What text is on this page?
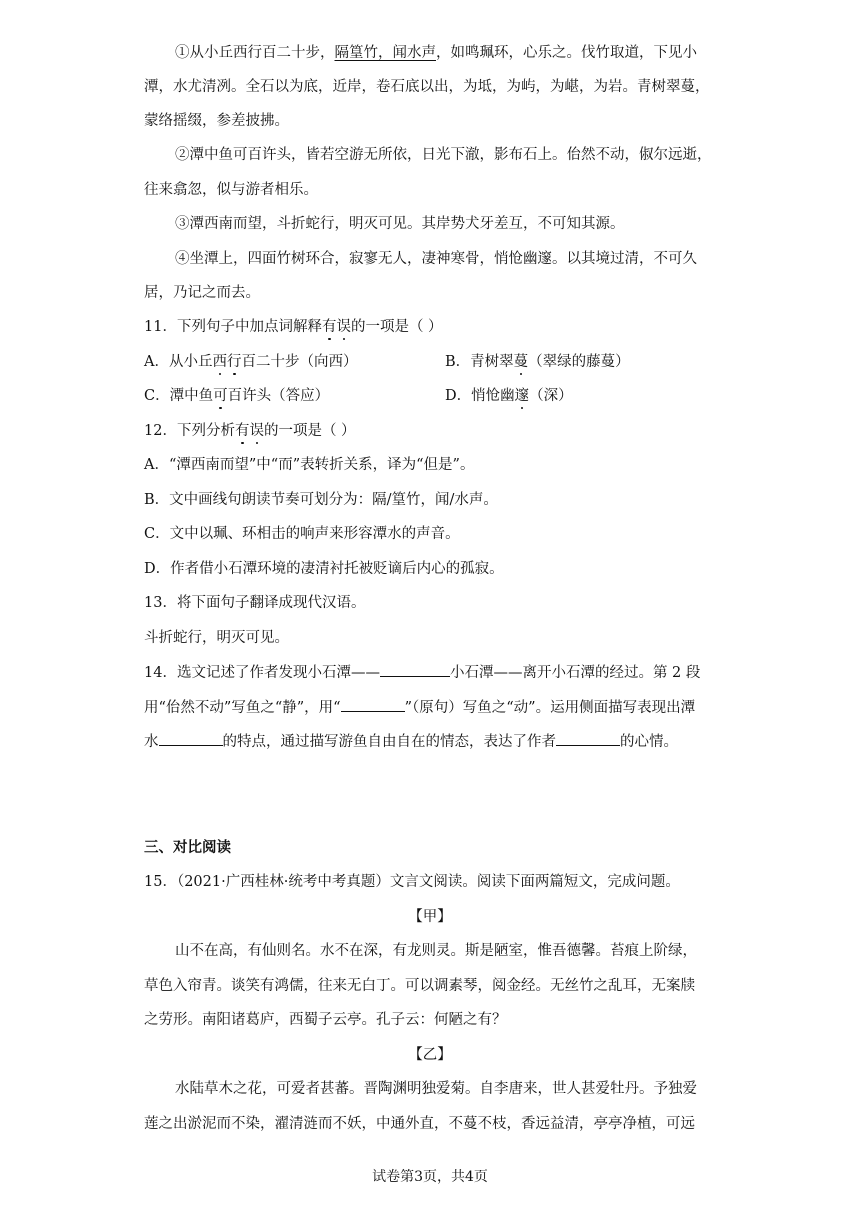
①从小丘西行百二十步，隔篁竹，闻水声，如鸣珮环，心乐之。伐竹取道，下见小
潭，水尤清冽。全石以为底，近岸，卷石底以出，为坻，为屿，为嵁，为岩。青树翠蔓，
蒙络摇缀，参差披拂。
②潭中鱼可百许头，皆若空游无所依，日光下澈，影布石上。佁然不动，俶尔远逝，
往来翕忽，似与游者相乐。
③潭西南而望，斗折蛇行，明灭可见。其岸势犬牙差互，不可知其源。
④坐潭上，四面竹树环合，寂寥无人，凄神寒骨，悄怆幽邃。以其境过清，不可久
居，乃记之而去。
11．下列句子中加点词解释有误的一项是（ ）
A．从小丘西行百二十步（向西）	B．青树翠蔓（翠绿的藤蔓）
C．潭中鱼可百许头（答应）	D．悄怆幽邃（深）
12．下列分析有误的一项是（ ）
A．“潭西南而望”中“而”表转折关系，译为“但是”。
B．文中画线句朗读节奏可划分为：隔/篁竹，闻/水声。
C．文中以珮、环相击的响声来形容潭水的声音。
D．作者借小石潭环境的凄清衬托被贬谪后内心的孤寂。
13．将下面句子翻译成现代汉语。
斗折蛇行，明灭可见。
14．选文记述了作者发现小石潭——	小石潭——离开小石潭的经过。第 2 段
用“佁然不动”写鱼之“静”，用“	”（原句）写鱼之“动”。运用侧面描写表现出潭
水	的特点，通过描写游鱼自由自在的情态，表达了作者	的心情。
三、对比阅读
15．（2021·广西桂林·统考中考真题）文言文阅读。阅读下面两篇短文，完成问题。
【甲】
山不在高，有仙则名。水不在深，有龙则灵。斯是陋室，惟吾德馨。苔痕上阶绿，
草色入帘青。谈笑有鸿儒，往来无白丁。可以调素琴，阅金经。无丝竹之乱耳，无案牍
之劳形。南阳诸葛庐，西蜀子云亭。孔子云：何陋之有？
【乙】
水陆草木之花，可爱者甚蕃。晋陶渊明独爱菊。自李唐来，世人甚爱牡丹。予独爱
莲之出淤泥而不染，濯清涟而不妖，中通外直，不蔓不枝，香远益清，亭亭净植，可远
试卷第3页，共4页
